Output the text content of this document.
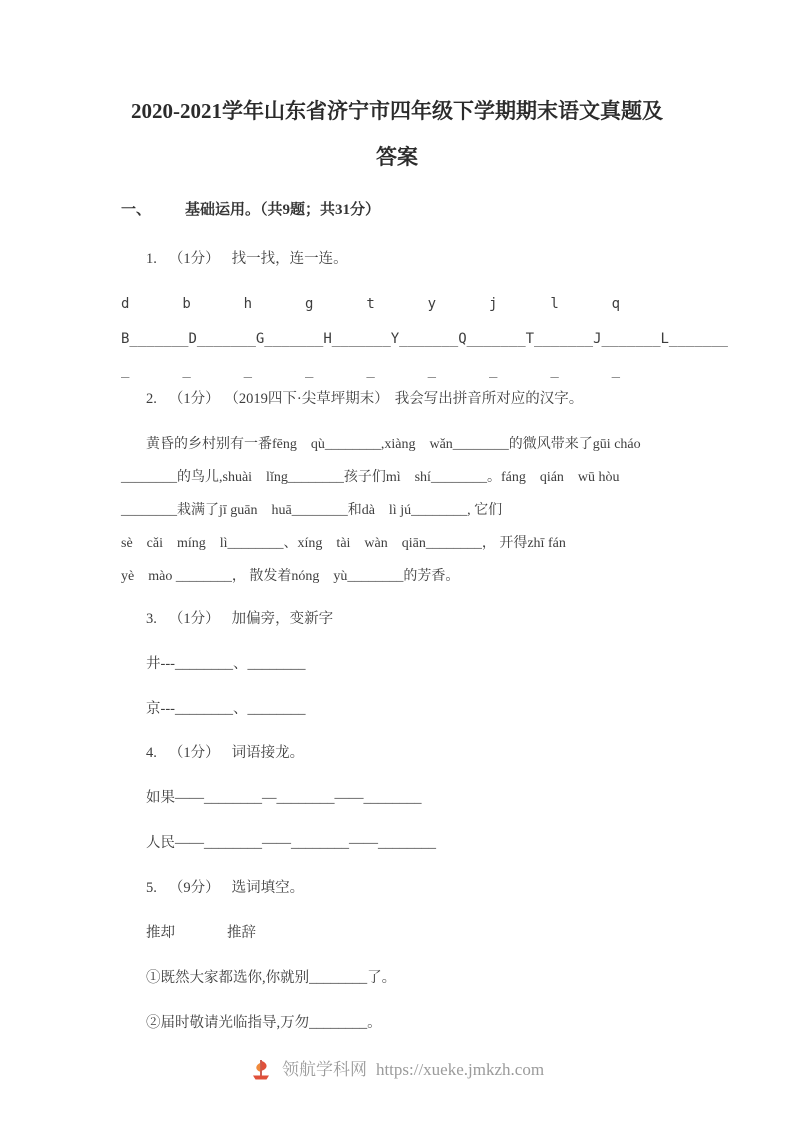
2020-2021学年山东省济宁市四年级下学期期末语文真题及
答案
一、 基础运用。（共9题；共31分）
1. （1分） 找一找，连一连。
d	b	h	g	t	y	j	l	q
B_______ D_______ G_______ H_______ Y_______ Q_______ T_______ J_______ L_______
_	_	_	_	_	_	_	_	_
2. （1分） （2019四下·尖草坪期末） 我会写出拼音所对应的汉字。
黄昏的乡村别有一番fēng　qù________,xiàng　wǎn________的微风带来了gūi cháo
________的鸟儿,shuài　lǐng________孩子们mì　shí________。fáng　qián　wū hòu
________栽满了jī guān　huā________和dà　lì jú________, 它们
sè　cǎi　míng　lì________、xíng　tài　wàn　qiān________， 开得zhī fán
yè　mào ________， 散发着nóng　yù________的芳香。
3. （1分） 加偏旁，变新字
井---________、________
京---________、________
4. （1分） 词语接龙。
如果——________—________——________
人民——________——________——________
5. （9分） 选词填空。
推却	推辞
①既然大家都选你,你就别________了。
②届时敬请光临指导,万勿________。
领航学科网 https://xueke.jmkzh.com
